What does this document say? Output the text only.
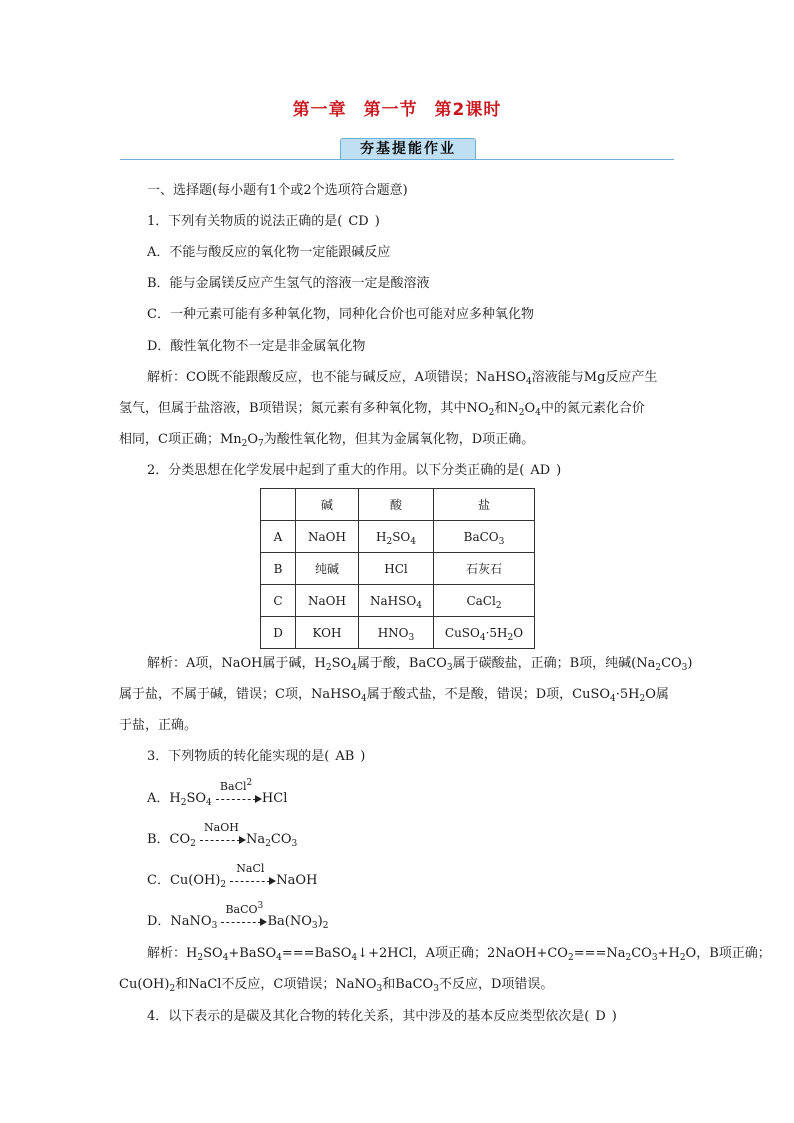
第一章 第一节 第2课时
夯基提能作业
一、选择题(每小题有1个或2个选项符合题意)
1．下列有关物质的说法正确的是( CD )
A．不能与酸反应的氧化物一定能跟碱反应
B．能与金属镁反应产生氢气的溶液一定是酸溶液
C．一种元素可能有多种氧化物，同种化合价也可能对应多种氧化物
D．酸性氧化物不一定是非金属氧化物
解析：CO既不能跟酸反应，也不能与碱反应，A项错误；NaHSO$_4$溶液能与Mg反应产生
氢气，但属于盐溶液，B项错误；氮元素有多种氧化物，其中$NO_2$和$N_2O_4$中的氮元素化合价
相同，C项正确；$Mn_2O_7$为酸性氧化物，但其为金属氧化物，D项正确。
2．分类思想在化学发展中起到了重大的作用。以下分类正确的是( AD )
	碱	酸	盐
A	NaOH	$H_2SO_4$	BaCO$_3$
B	纯碱	HCl	石灰石
C	NaOH	NaHSO$_4$	CaCl$_2$
D	KOH	$HNO_3$	$CuSO_4\cdot 5H_2O$
解析：A项，NaOH属于碱，$H_2SO_4$属于酸，BaCO$_3$属于碳酸盐，正确；B项，纯碱$(Na_2CO_3)$
属于盐，不属于碱，错误；C项，NaHSO$_4$属于酸式盐，不是酸，错误；D项，$CuSO_4\cdot 5H_2O$属
于盐，正确。
3．下列物质的转化能实现的是( AB )
A．$H_2SO_4$
BaCl$^2$
HCl
B．$CO_2$
NaOH
$Na_2CO_3$
C．$Cu(OH)_2$
NaCl
NaOH
D．NaNO$_3$
BaCO$^3$
$Ba(NO_3)_2$
解析：$H_2SO_4+BaSO_4===BaSO_4↓+2HCl$，A项正确；$2NaOH+CO_2===Na_2CO_3+H_2O$，B项正确；
$Cu(OH)_2$和NaCl不反应，C项错误；NaNO$_3$和BaCO$_3$不反应，D项错误。
4．以下表示的是碳及其化合物的转化关系，其中涉及的基本反应类型依次是( D )
